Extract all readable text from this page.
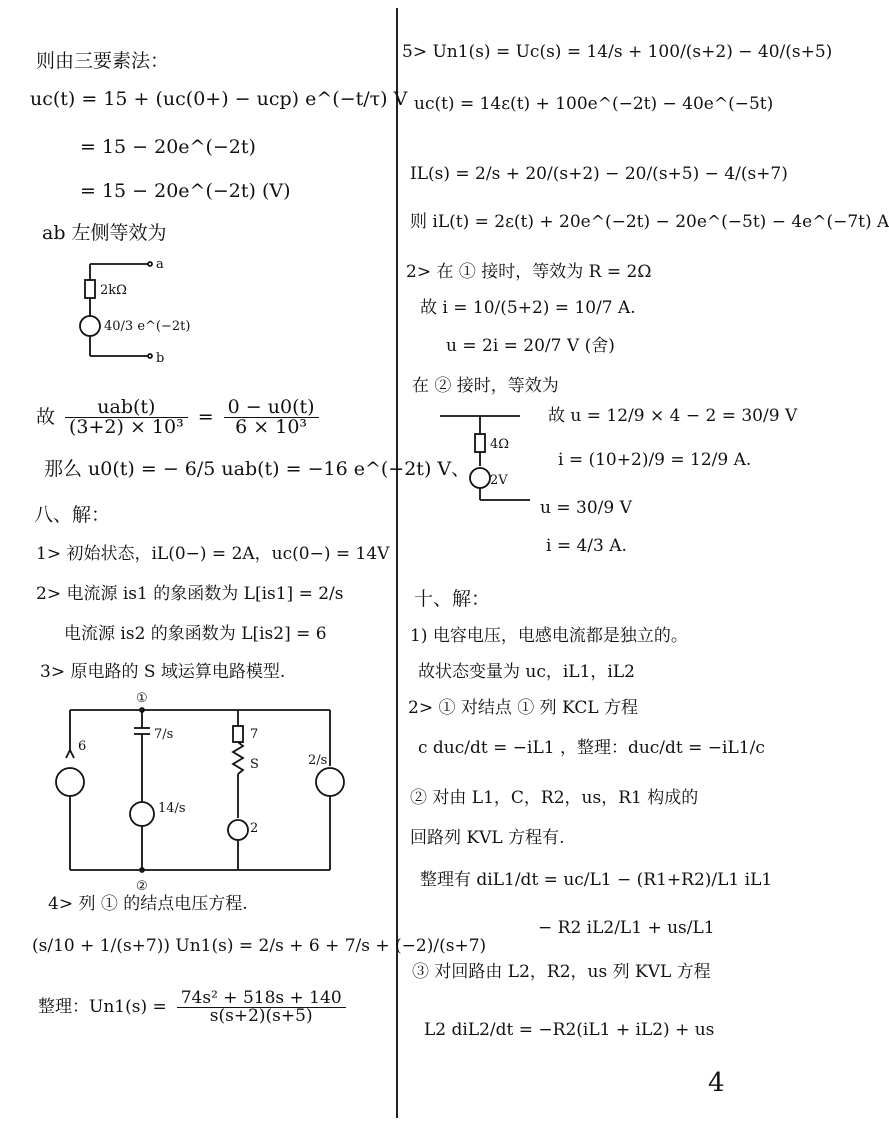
则由三要素法：
uc(t) = 15 + (uc(0+) − ucp) e^(−t/τ) V
= 15 − 20e^(−2t)
= 15 − 20e^(−2t) (V)
ab 左侧等效为
a
2kΩ
40/3 e^(−2t)
b
故 $\frac{\text{uab(t)}}{\text{(3+2) × 10³}} = \frac{0 - u0(t)}{\text{6 × 10³}}$
那么 u0(t) = − 6/5 uab(t) = −16 e^(−2t) V、
八、解：
1> 初始状态，iL(0−) = 2A，uc(0−) = 14V
2> 电流源 is1 的象函数为 L[is1] = 2/s
电流源 is2 的象函数为 L[is2] = 6
3> 原电路的 S 域运算电路模型.
①
②
6
7/s
14/s
7
S
2
2/s
4> 列 ① 的结点电压方程.
(s/10 + 1/(s+7)) Un1(s) = 2/s + 6 + 7/s + (−2)/(s+7)
整理：$Un1(s) = \frac{\text{74s² + 518s + 140}}{s(s+2)(s+5)}$
5> Un1(s) = Uc(s) = 14/s + 100/(s+2) − 40/(s+5)
uc(t) = 14ε(t) + 100e^(−2t) − 40e^(−5t)
IL(s) = 2/s + 20/(s+2) − 20/(s+5) − 4/(s+7)
则 iL(t) = 2ε(t) + 20e^(−2t) − 20e^(−5t) − 4e^(−7t) A
2> 在 ① 接时，等效为 R = 2Ω
故 i = 10/(5+2) = 10/7 A.
u = 2i = 20/7 V (舍)
在 ② 接时，等效为
4Ω
2V
故 u = 12/9 × 4 − 2 = 30/9 V
i = (10+2)/9 = 12/9 A.
u = 30/9 V
i = 4/3 A.
十、解：
1) 电容电压，电感电流都是独立的。
故状态变量为 uc，iL1，iL2
2> ① 对结点 ① 列 KCL 方程
c duc/dt = −iL1 ，整理：duc/dt = −iL1/c
② 对由 L1，C，R2，us，R1 构成的
回路列 KVL 方程有.
整理有 diL1/dt = uc/L1 − (R1+R2)/L1 iL1
− R2 iL2/L1 + us/L1
③ 对回路由 L2，R2，us 列 KVL 方程
L2 diL2/dt = −R2(iL1 + iL2) + us
4
